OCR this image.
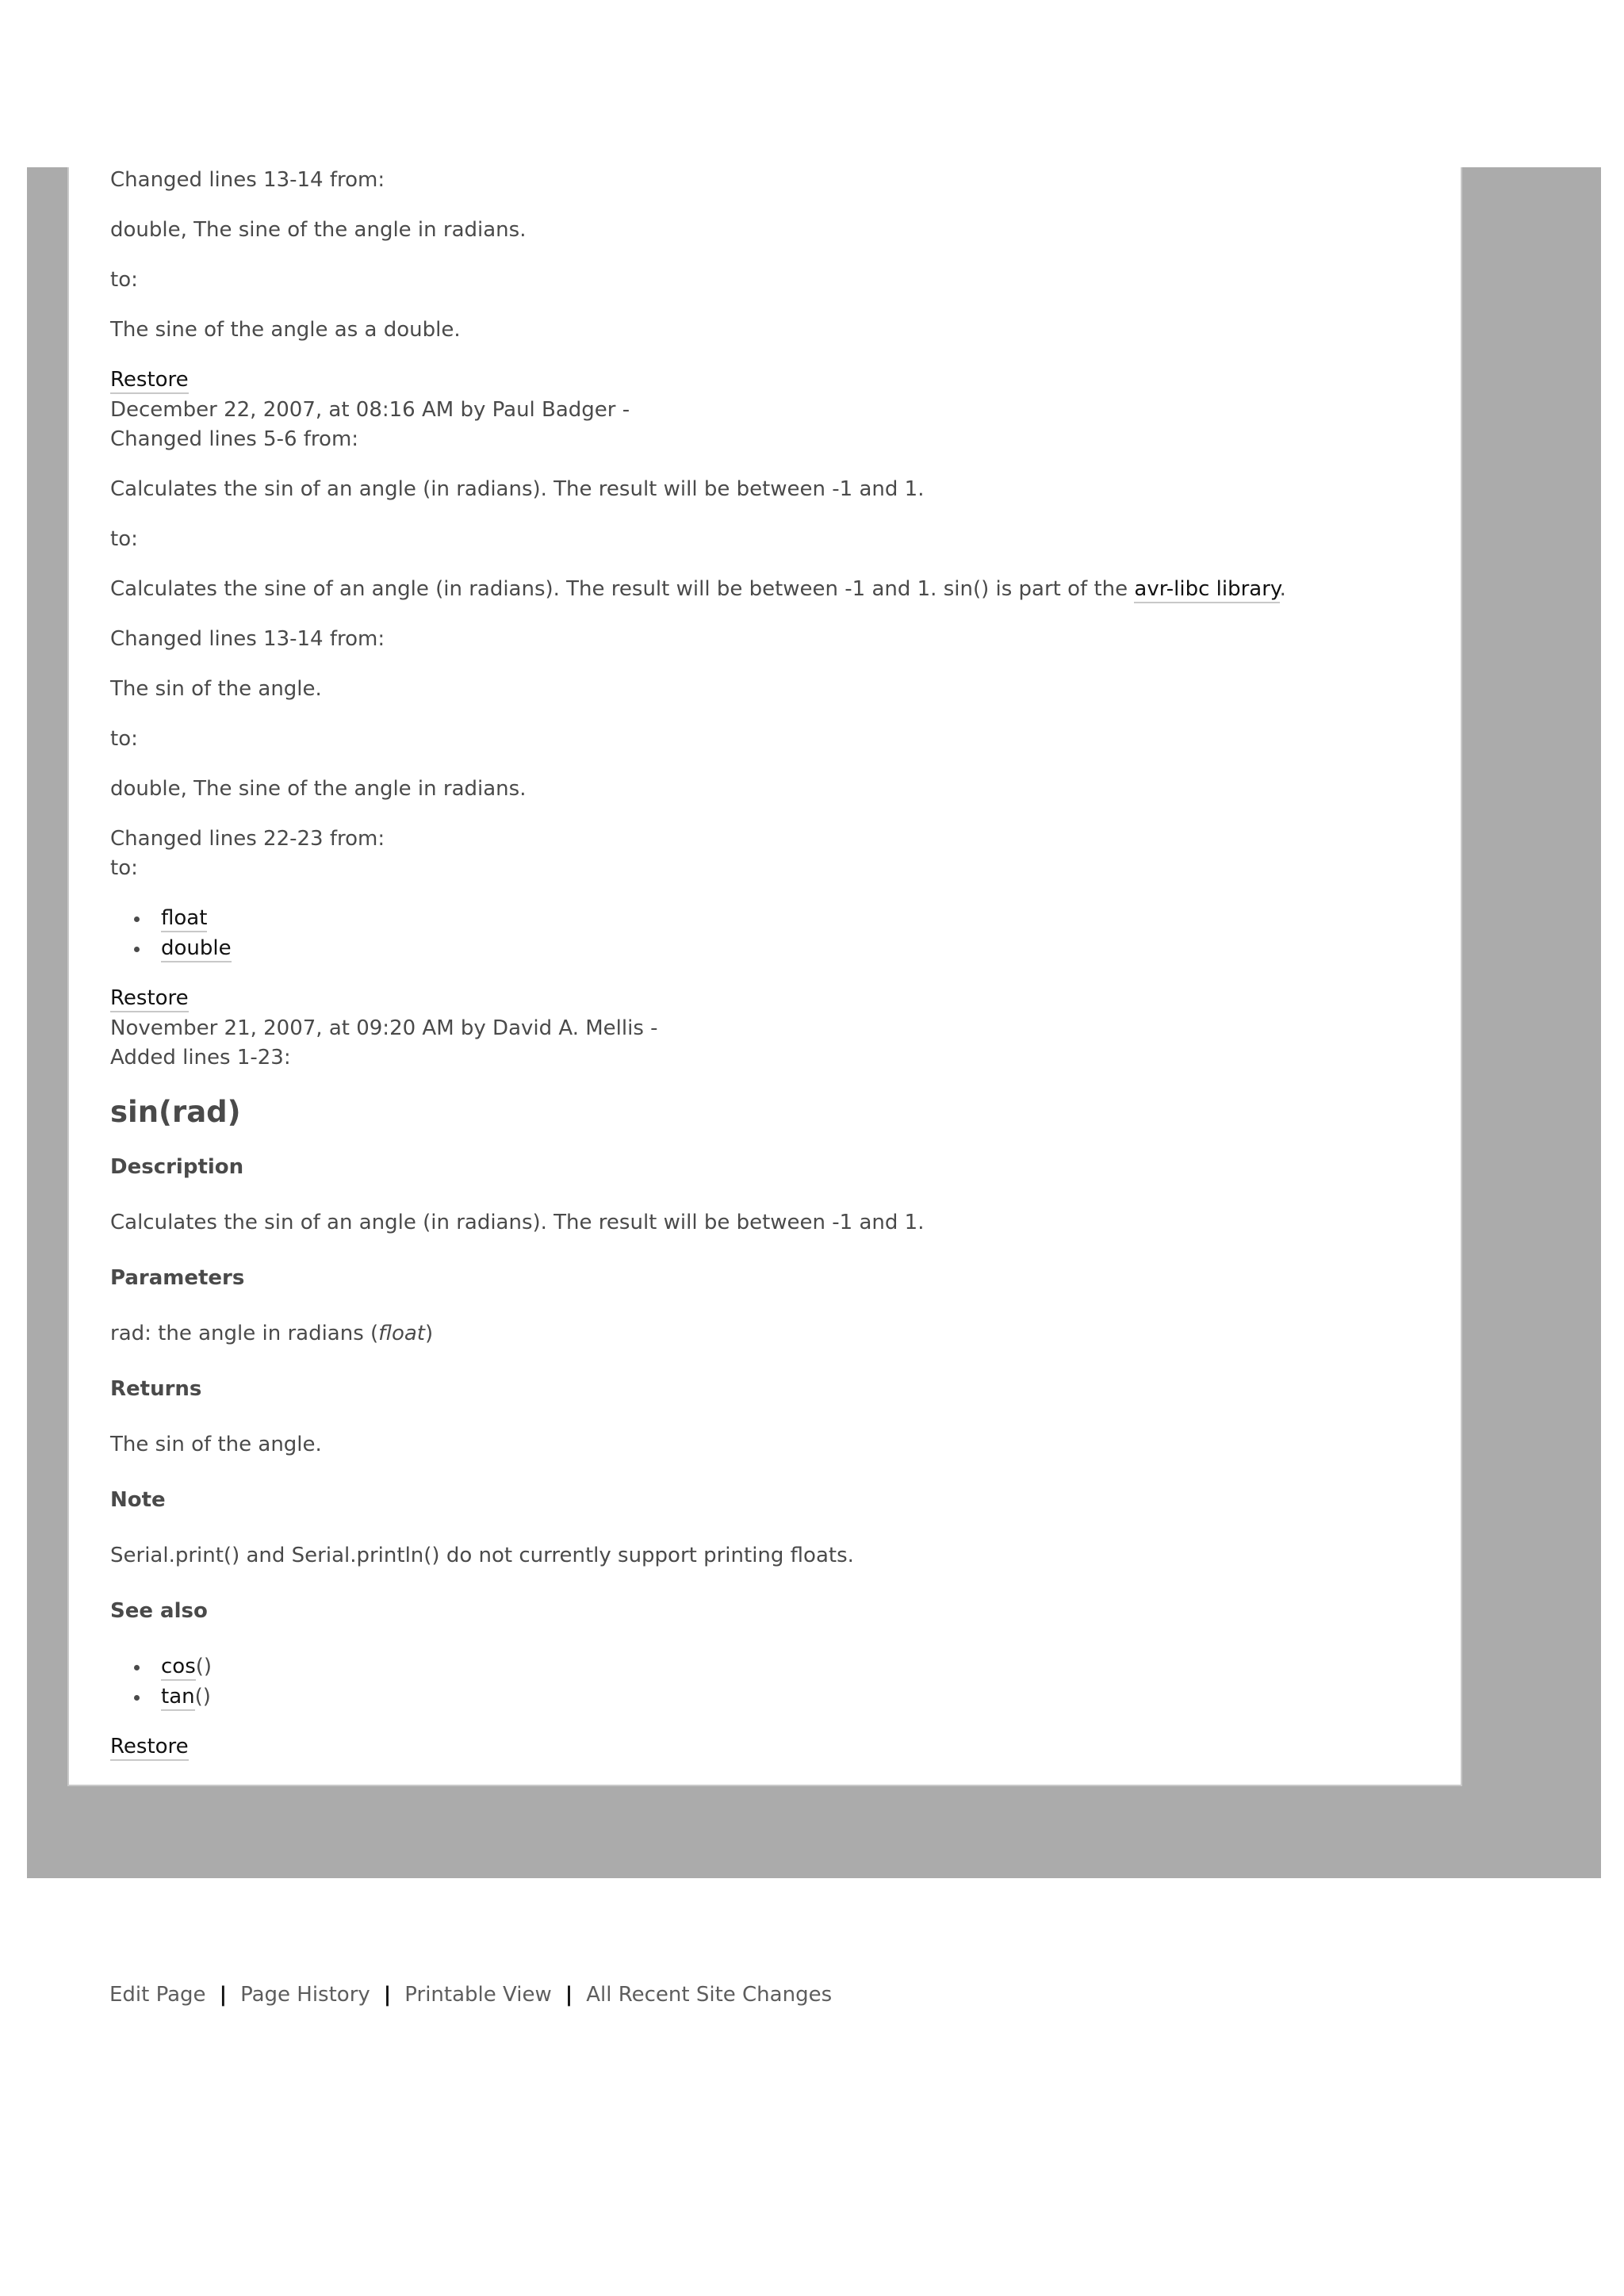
Changed lines 13-14 from:

double, The sine of the angle in radians.

to:

The sine of the angle as a double.

Restore

December 22, 2007, at 08:16 AM by Paul Badger -

Changed lines 5-6 from:

Calculates the sin of an angle (in radians). The result will be between -1 and 1.

to:

Calculates the sine of an angle (in radians). The result will be between -1 and 1. sin() is part of the avr-libc library.

Changed lines 13-14 from:

The sin of the angle.

to:

double, The sine of the angle in radians.

Changed lines 22-23 from:

to:

float
double

Restore

November 21, 2007, at 09:20 AM by David A. Mellis -

Added lines 1-23:

sin(rad)

Description

Calculates the sin of an angle (in radians). The result will be between -1 and 1.

Parameters

rad: the angle in radians (float)

Returns

The sin of the angle.

Note

Serial.print() and Serial.println() do not currently support printing floats.

See also

cos()
tan()

Restore

Edit Page | Page History | Printable View | All Recent Site Changes
